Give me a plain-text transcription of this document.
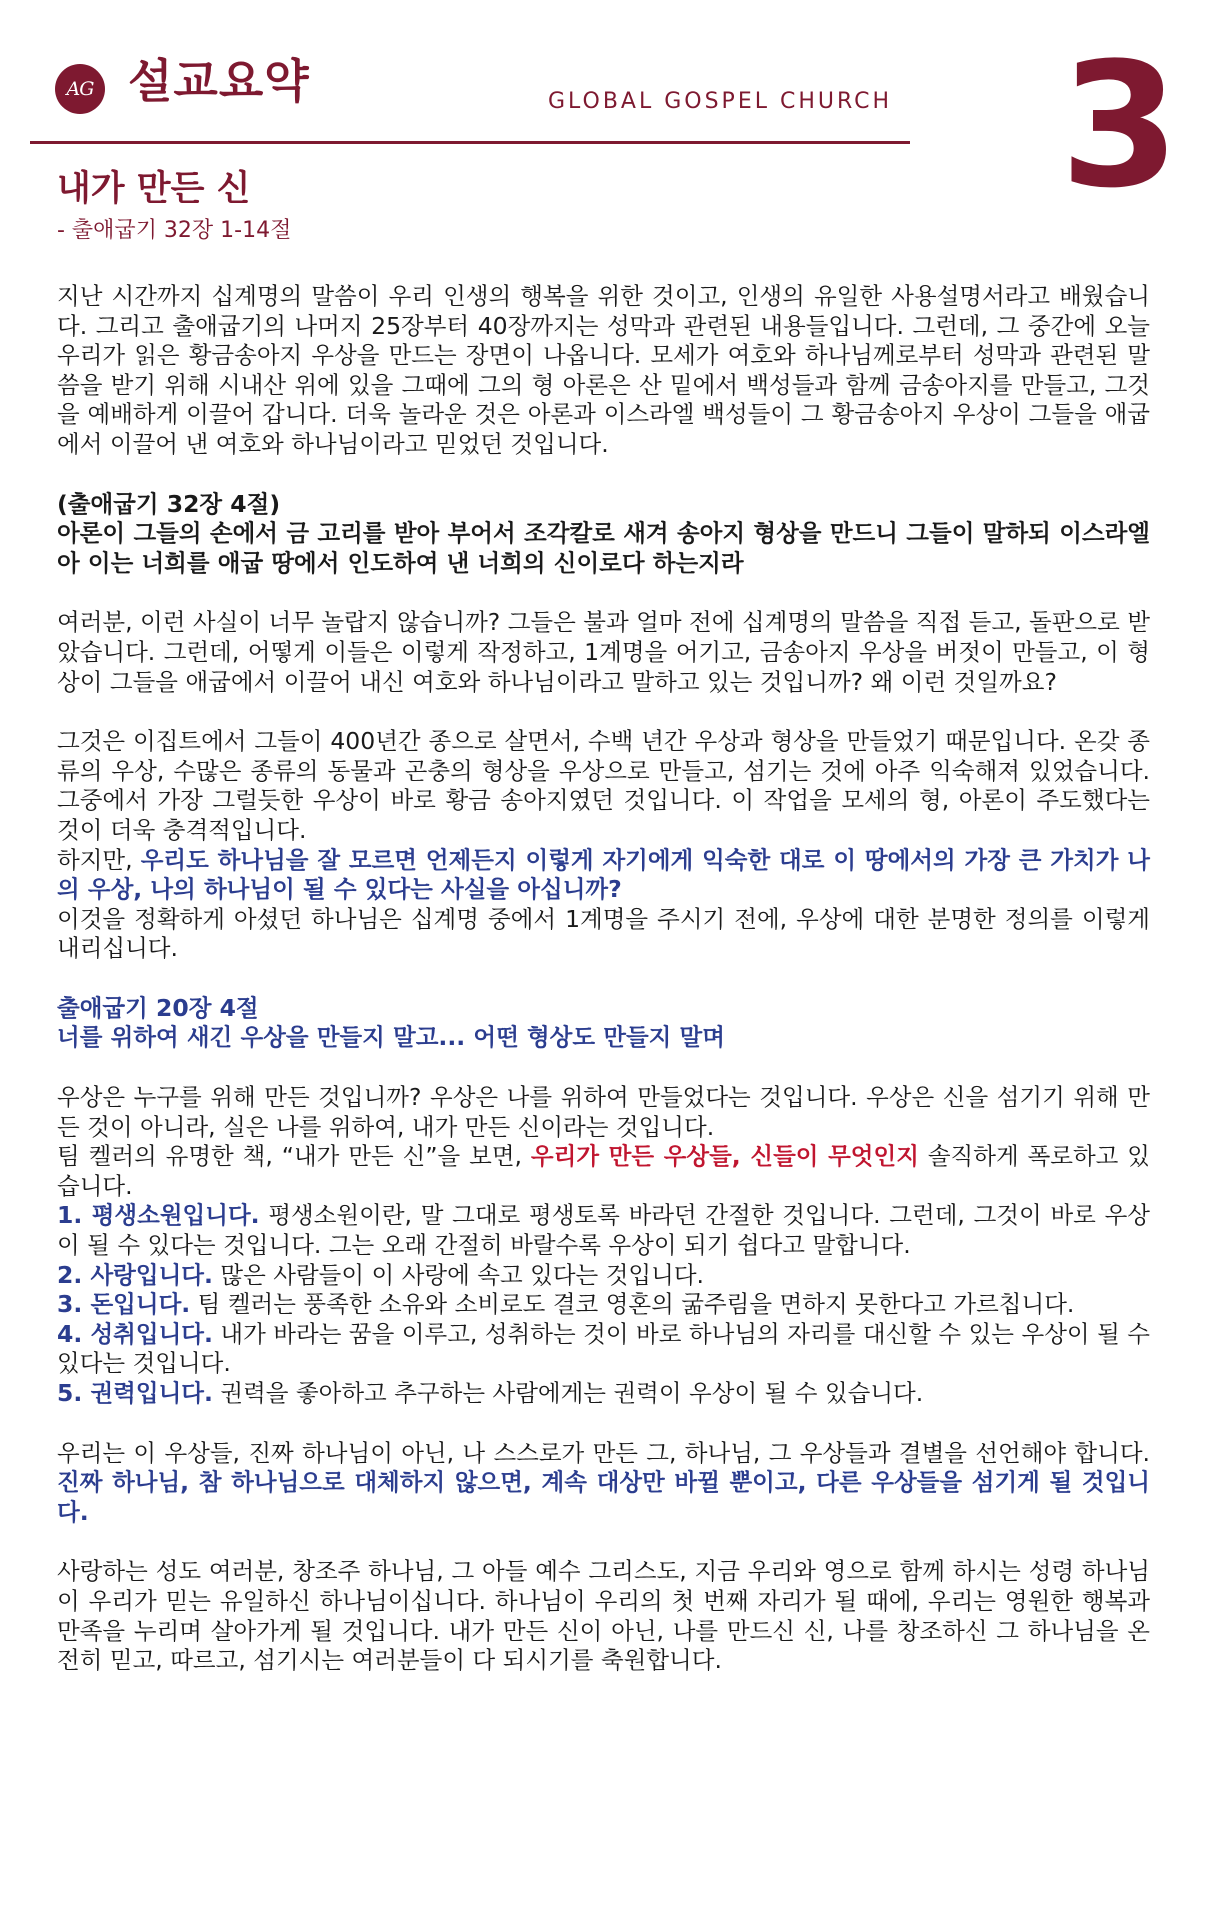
AG 설교요약	GLOBAL GOSPEL CHURCH 3
내가 만든 신
- 출애굽기 32장 1-14절

지난 시간까지 십계명의 말씀이 우리 인생의 행복을 위한 것이고, 인생의 유일한 사용설명서라고 배웠습니다. 그리고 출애굽기의 나머지 25장부터 40장까지는 성막과 관련된 내용들입니다. 그런데, 그 중간에 오늘 우리가 읽은 황금송아지 우상을 만드는 장면이 나옵니다. 모세가 여호와 하나님께로부터 성막과 관련된 말씀을 받기 위해 시내산 위에 있을 그때에 그의 형 아론은 산 밑에서 백성들과 함께 금송아지를 만들고, 그것을 예배하게 이끌어 갑니다. 더욱 놀라운 것은 아론과 이스라엘 백성들이 그 황금송아지 우상이 그들을 애굽에서 이끌어 낸 여호와 하나님이라고 믿었던 것입니다.

(출애굽기 32장 4절)
아론이 그들의 손에서 금 고리를 받아 부어서 조각칼로 새겨 송아지 형상을 만드니 그들이 말하되 이스라엘아 이는 너희를 애굽 땅에서 인도하여 낸 너희의 신이로다 하는지라

여러분, 이런 사실이 너무 놀랍지 않습니까? 그들은 불과 얼마 전에 십계명의 말씀을 직접 듣고, 돌판으로 받았습니다. 그런데, 어떻게 이들은 이렇게 작정하고, 1계명을 어기고, 금송아지 우상을 버젓이 만들고, 이 형상이 그들을 애굽에서 이끌어 내신 여호와 하나님이라고 말하고 있는 것입니까? 왜 이런 것일까요?

그것은 이집트에서 그들이 400년간 종으로 살면서, 수백 년간 우상과 형상을 만들었기 때문입니다. 온갖 종류의 우상, 수많은 종류의 동물과 곤충의 형상을 우상으로 만들고, 섬기는 것에 아주 익숙해져 있었습니다. 그중에서 가장 그럴듯한 우상이 바로 황금 송아지였던 것입니다. 이 작업을 모세의 형, 아론이 주도했다는 것이 더욱 충격적입니다.
하지만, 우리도 하나님을 잘 모르면 언제든지 이렇게 자기에게 익숙한 대로 이 땅에서의 가장 큰 가치가 나의 우상, 나의 하나님이 될 수 있다는 사실을 아십니까?
이것을 정확하게 아셨던 하나님은 십계명 중에서 1계명을 주시기 전에, 우상에 대한 분명한 정의를 이렇게 내리십니다.

출애굽기 20장 4절
너를 위하여 새긴 우상을 만들지 말고... 어떤 형상도 만들지 말며

우상은 누구를 위해 만든 것입니까? 우상은 나를 위하여 만들었다는 것입니다. 우상은 신을 섬기기 위해 만든 것이 아니라, 실은 나를 위하여, 내가 만든 신이라는 것입니다.
팀 켈러의 유명한 책, “내가 만든 신”을 보면, 우리가 만든 우상들, 신들이 무엇인지 솔직하게 폭로하고 있습니다.
1. 평생소원입니다. 평생소원이란, 말 그대로 평생토록 바라던 간절한 것입니다. 그런데, 그것이 바로 우상이 될 수 있다는 것입니다. 그는 오래 간절히 바랄수록 우상이 되기 쉽다고 말합니다.
2. 사랑입니다. 많은 사람들이 이 사랑에 속고 있다는 것입니다.
3. 돈입니다. 팀 켈러는 풍족한 소유와 소비로도 결코 영혼의 굶주림을 면하지 못한다고 가르칩니다.
4. 성취입니다. 내가 바라는 꿈을 이루고, 성취하는 것이 바로 하나님의 자리를 대신할 수 있는 우상이 될 수 있다는 것입니다.
5. 권력입니다. 권력을 좋아하고 추구하는 사람에게는 권력이 우상이 될 수 있습니다.

우리는 이 우상들, 진짜 하나님이 아닌, 나 스스로가 만든 그, 하나님, 그 우상들과 결별을 선언해야 합니다. 진짜 하나님, 참 하나님으로 대체하지 않으면, 계속 대상만 바뀔 뿐이고, 다른 우상들을 섬기게 될 것입니다.

사랑하는 성도 여러분, 창조주 하나님, 그 아들 예수 그리스도, 지금 우리와 영으로 함께 하시는 성령 하나님이 우리가 믿는 유일하신 하나님이십니다. 하나님이 우리의 첫 번째 자리가 될 때에, 우리는 영원한 행복과 만족을 누리며 살아가게 될 것입니다. 내가 만든 신이 아닌, 나를 만드신 신, 나를 창조하신 그 하나님을 온전히 믿고, 따르고, 섬기시는 여러분들이 다 되시기를 축원합니다.
